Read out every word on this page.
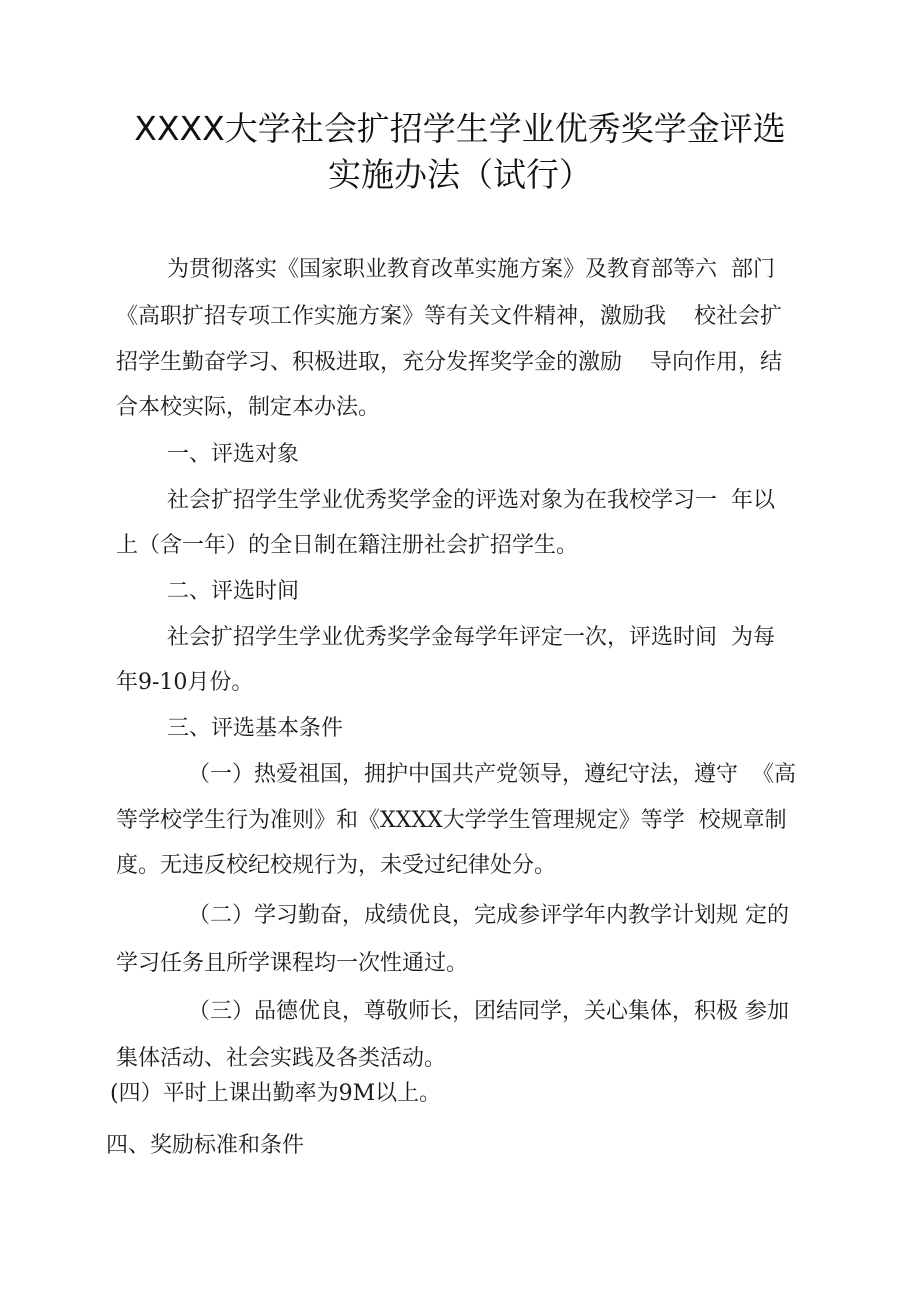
XXXX大学社会扩招学生学业优秀奖学金评选
实施办法（试行）
为贯彻落实《国家职业教育改革实施方案》及教育部等六  部门
《高职扩招专项工作实施方案》等有关文件精神，激励我    校社会扩
招学生勤奋学习、积极进取，充分发挥奖学金的激励    导向作用，结
合本校实际，制定本办法。
一、评选对象
社会扩招学生学业优秀奖学金的评选对象为在我校学习一  年以
上（含一年）的全日制在籍注册社会扩招学生。
二、评选时间
社会扩招学生学业优秀奖学金每学年评定一次，评选时间  为每
年9-10月份。
三、评选基本条件
（一）热爱祖国，拥护中国共产党领导，遵纪守法，遵守  《高
等学校学生行为准则》和《XXXX大学学生管理规定》等学  校规章制
度。无违反校纪校规行为，未受过纪律处分。
（二）学习勤奋，成绩优良，完成参评学年内教学计划规 定的
学习任务且所学课程均一次性通过。
（三）品德优良，尊敬师长，团结同学，关心集体，积极 参加
集体活动、社会实践及各类活动。
(四）平时上课出勤率为9M以上。
四、奖励标准和条件
